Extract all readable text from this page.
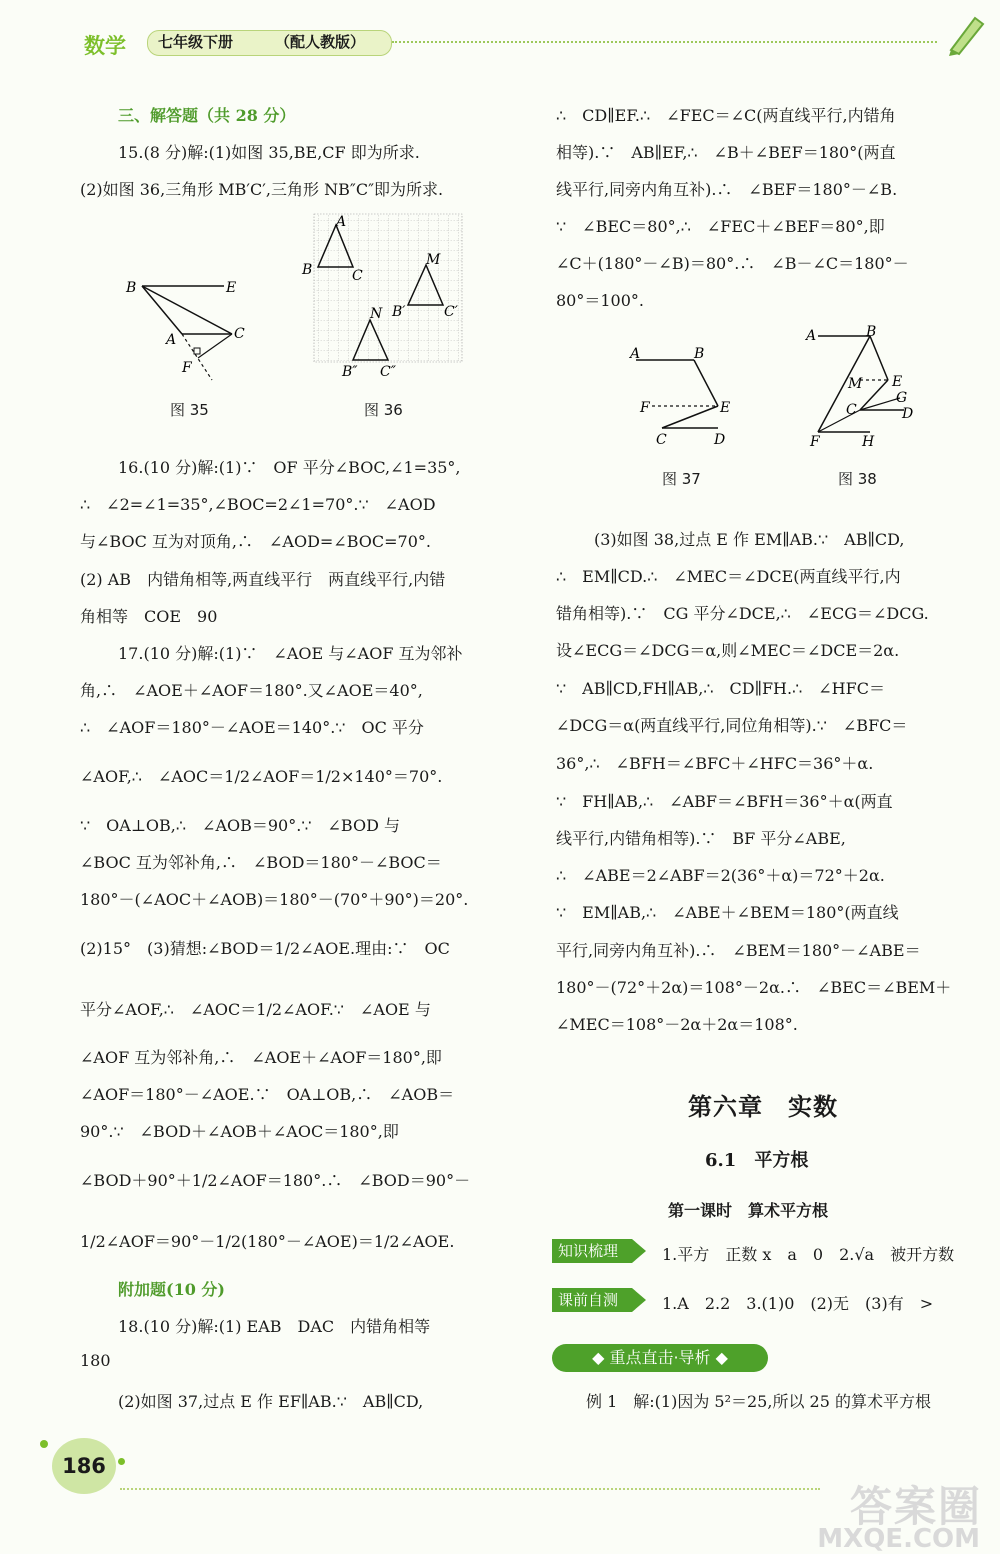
数学 七年级下册	（配人教版）
三、解答题（共 28 分）
15.(8 分)解:(1)如图 35,BE,CF 即为所求.
(2)如图 36,三角形 MB′C′,三角形 NB″C″即为所求.
16.(10 分)解:(1)∵　OF 平分∠BOC,∠1=35°,
∴　∠2=∠1=35°,∠BOC=2∠1=70°.∵　∠AOD
与∠BOC 互为对顶角,∴　∠AOD=∠BOC=70°.
(2) AB　内错角相等,两直线平行　两直线平行,内错
角相等　COE　90
17.(10 分)解:(1)∵　∠AOE 与∠AOF 互为邻补
角,∴　∠AOE＋∠AOF＝180°.又∠AOE＝40°,
∴　∠AOF＝180°－∠AOE＝140°.∵　OC 平分
∠AOF,∴　∠AOC＝1/2∠AOF＝1/2×140°＝70°.
∵　OA⊥OB,∴　∠AOB＝90°.∵　∠BOD 与
∠BOC 互为邻补角,∴　∠BOD＝180°－∠BOC＝
180°－(∠AOC＋∠AOB)＝180°－(70°＋90°)＝20°.
(2)15°　(3)猜想:∠BOD＝1/2∠AOE.理由:∵　OC
平分∠AOF,∴　∠AOC＝1/2∠AOF.∵　∠AOE 与
∠AOF 互为邻补角,∴　∠AOE＋∠AOF＝180°,即
∠AOF＝180°－∠AOE.∵　OA⊥OB,∴　∠AOB＝
90°.∵　∠BOD＋∠AOB＋∠AOC＝180°,即
∠BOD＋90°＋1/2∠AOF＝180°.∴　∠BOD＝90°－
1/2∠AOF＝90°－1/2(180°－∠AOE)＝1/2∠AOE.
附加题(10 分)
18.(10 分)解:(1) EAB　DAC　内错角相等
180
(2)如图 37,过点 E 作 EF∥AB.∵　AB∥CD,
B	E
A	C
F
图 35
A
B	C
M
B′	C′
N
B″ C″
图 36
∴　CD∥EF.∴　∠FEC＝∠C(两直线平行,内错角
相等).∵　AB∥EF,∴　∠B＋∠BEF＝180°(两直
线平行,同旁内角互补).∴　∠BEF＝180°－∠B.
∵　∠BEC＝80°,∴　∠FEC＋∠BEF＝80°,即
∠C＋(180°－∠B)＝80°.∴　∠B－∠C＝180°－
80°＝100°.
(3)如图 38,过点 E 作 EM∥AB.∵　AB∥CD,
∴　EM∥CD.∴　∠MEC＝∠DCE(两直线平行,内
错角相等).∵　CG 平分∠DCE,∴　∠ECG＝∠DCG.
设∠ECG＝∠DCG＝α,则∠MEC＝∠DCE＝2α.
∵　AB∥CD,FH∥AB,∴　CD∥FH.∴　∠HFC＝
∠DCG＝α(两直线平行,同位角相等).∵　∠BFC＝
36°,∴　∠BFH＝∠BFC＋∠HFC＝36°＋α.
∵　FH∥AB,∴　∠ABF＝∠BFH＝36°＋α(两直
线平行,内错角相等).∵　BF 平分∠ABE,
∴　∠ABE＝2∠ABF＝2(36°＋α)＝72°＋2α.
∵　EM∥AB,∴　∠ABE＋∠BEM＝180°(两直线
平行,同旁内角互补).∴　∠BEM＝180°－∠ABE＝
180°－(72°＋2α)＝108°－2α.∴　∠BEC＝∠BEM＋
∠MEC＝108°－2α＋2α＝108°.
A	B
F	E
C	D
图 37
A	B
M E
C
G
D
F	H
图 38
第六章　实数
6.1　平方根
第一课时　算术平方根
知识梳理	1.平方　正数 x　a　0　2.√a　被开方数
课前自测	1.A　2.2　3.(1)0　(2)无　(3)有　>
◆ 重点直击·导析 ◆
例 1　解:(1)因为 5²＝25,所以 25 的算术平方根
186
答案圈
MXQE.COM
